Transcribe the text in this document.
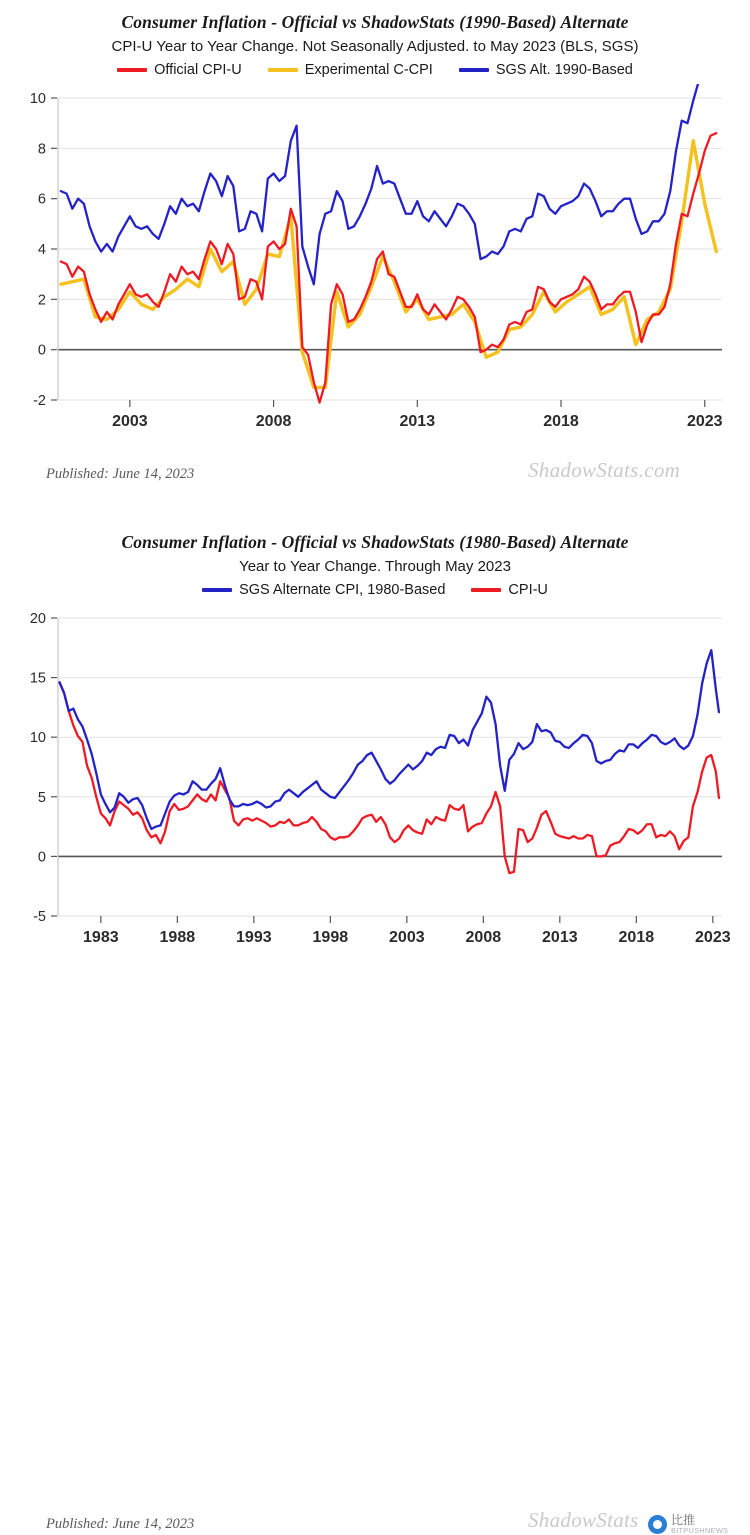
Consumer Inflation - Official vs ShadowStats (1990-Based) Alternate
CPI-U Year to Year Change. Not Seasonally Adjusted. to May 2023 (BLS, SGS)
Official CPI-U	Experimental C-CPI	SGS Alt. 1990-Based
-2
0
2
4
6
8
10
2003	2008	2013	2018	2023
Published: June 14, 2023	ShadowStats.com
Consumer Inflation - Official vs ShadowStats (1980-Based) Alternate
Year to Year Change. Through May 2023
SGS Alternate CPI, 1980-Based	CPI-U
-5
0
5
10
15
20
1983	1988	1993	1998	2003	2008	2013	2018	2023
Published: June 14, 2023	ShadowStats	比推
BITPUSHNEWS
